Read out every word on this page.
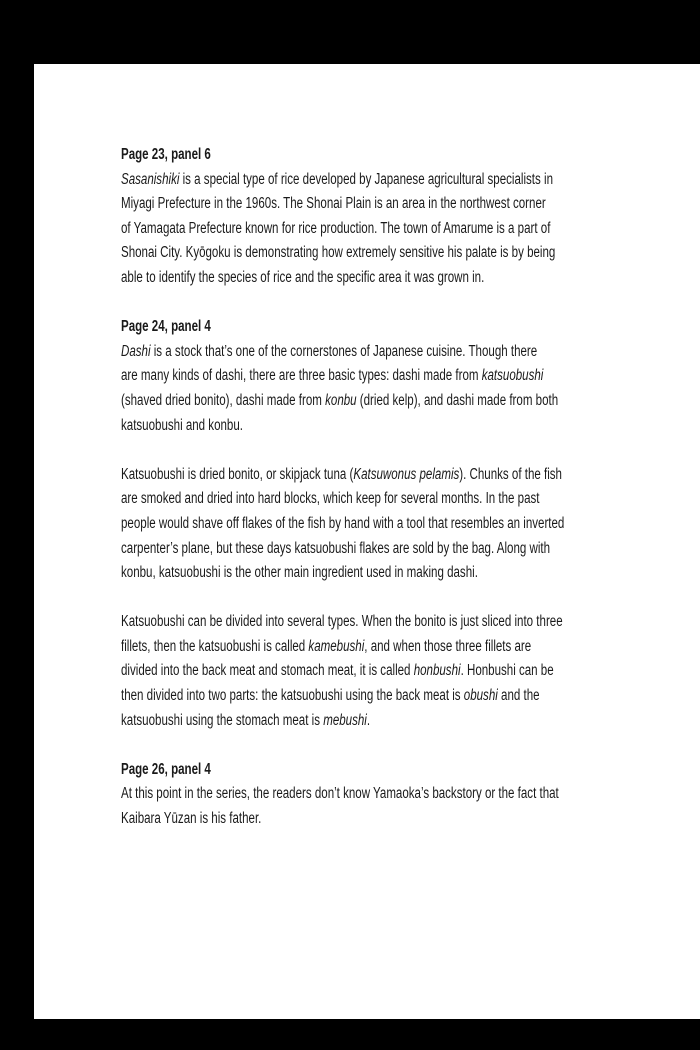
Page 23, panel 6
Sasanishiki is a special type of rice developed by Japanese agricultural specialists in
Miyagi Prefecture in the 1960s. The Shonai Plain is an area in the northwest corner
of Yamagata Prefecture known for rice production. The town of Amarume is a part of
Shonai City. Kyōgoku is demonstrating how extremely sensitive his palate is by being
able to identify the species of rice and the specific area it was grown in.
Page 24, panel 4
Dashi is a stock that’s one of the cornerstones of Japanese cuisine. Though there
are many kinds of dashi, there are three basic types: dashi made from katsuobushi
(shaved dried bonito), dashi made from konbu (dried kelp), and dashi made from both
katsuobushi and konbu.
Katsuobushi is dried bonito, or skipjack tuna (Katsuwonus pelamis). Chunks of the fish
are smoked and dried into hard blocks, which keep for several months. In the past
people would shave off flakes of the fish by hand with a tool that resembles an inverted
carpenter’s plane, but these days katsuobushi flakes are sold by the bag. Along with
konbu, katsuobushi is the other main ingredient used in making dashi.
Katsuobushi can be divided into several types. When the bonito is just sliced into three
fillets, then the katsuobushi is called kamebushi, and when those three fillets are
divided into the back meat and stomach meat, it is called honbushi. Honbushi can be
then divided into two parts: the katsuobushi using the back meat is obushi and the
katsuobushi using the stomach meat is mebushi.
Page 26, panel 4
At this point in the series, the readers don’t know Yamaoka’s backstory or the fact that
Kaibara Yūzan is his father.
